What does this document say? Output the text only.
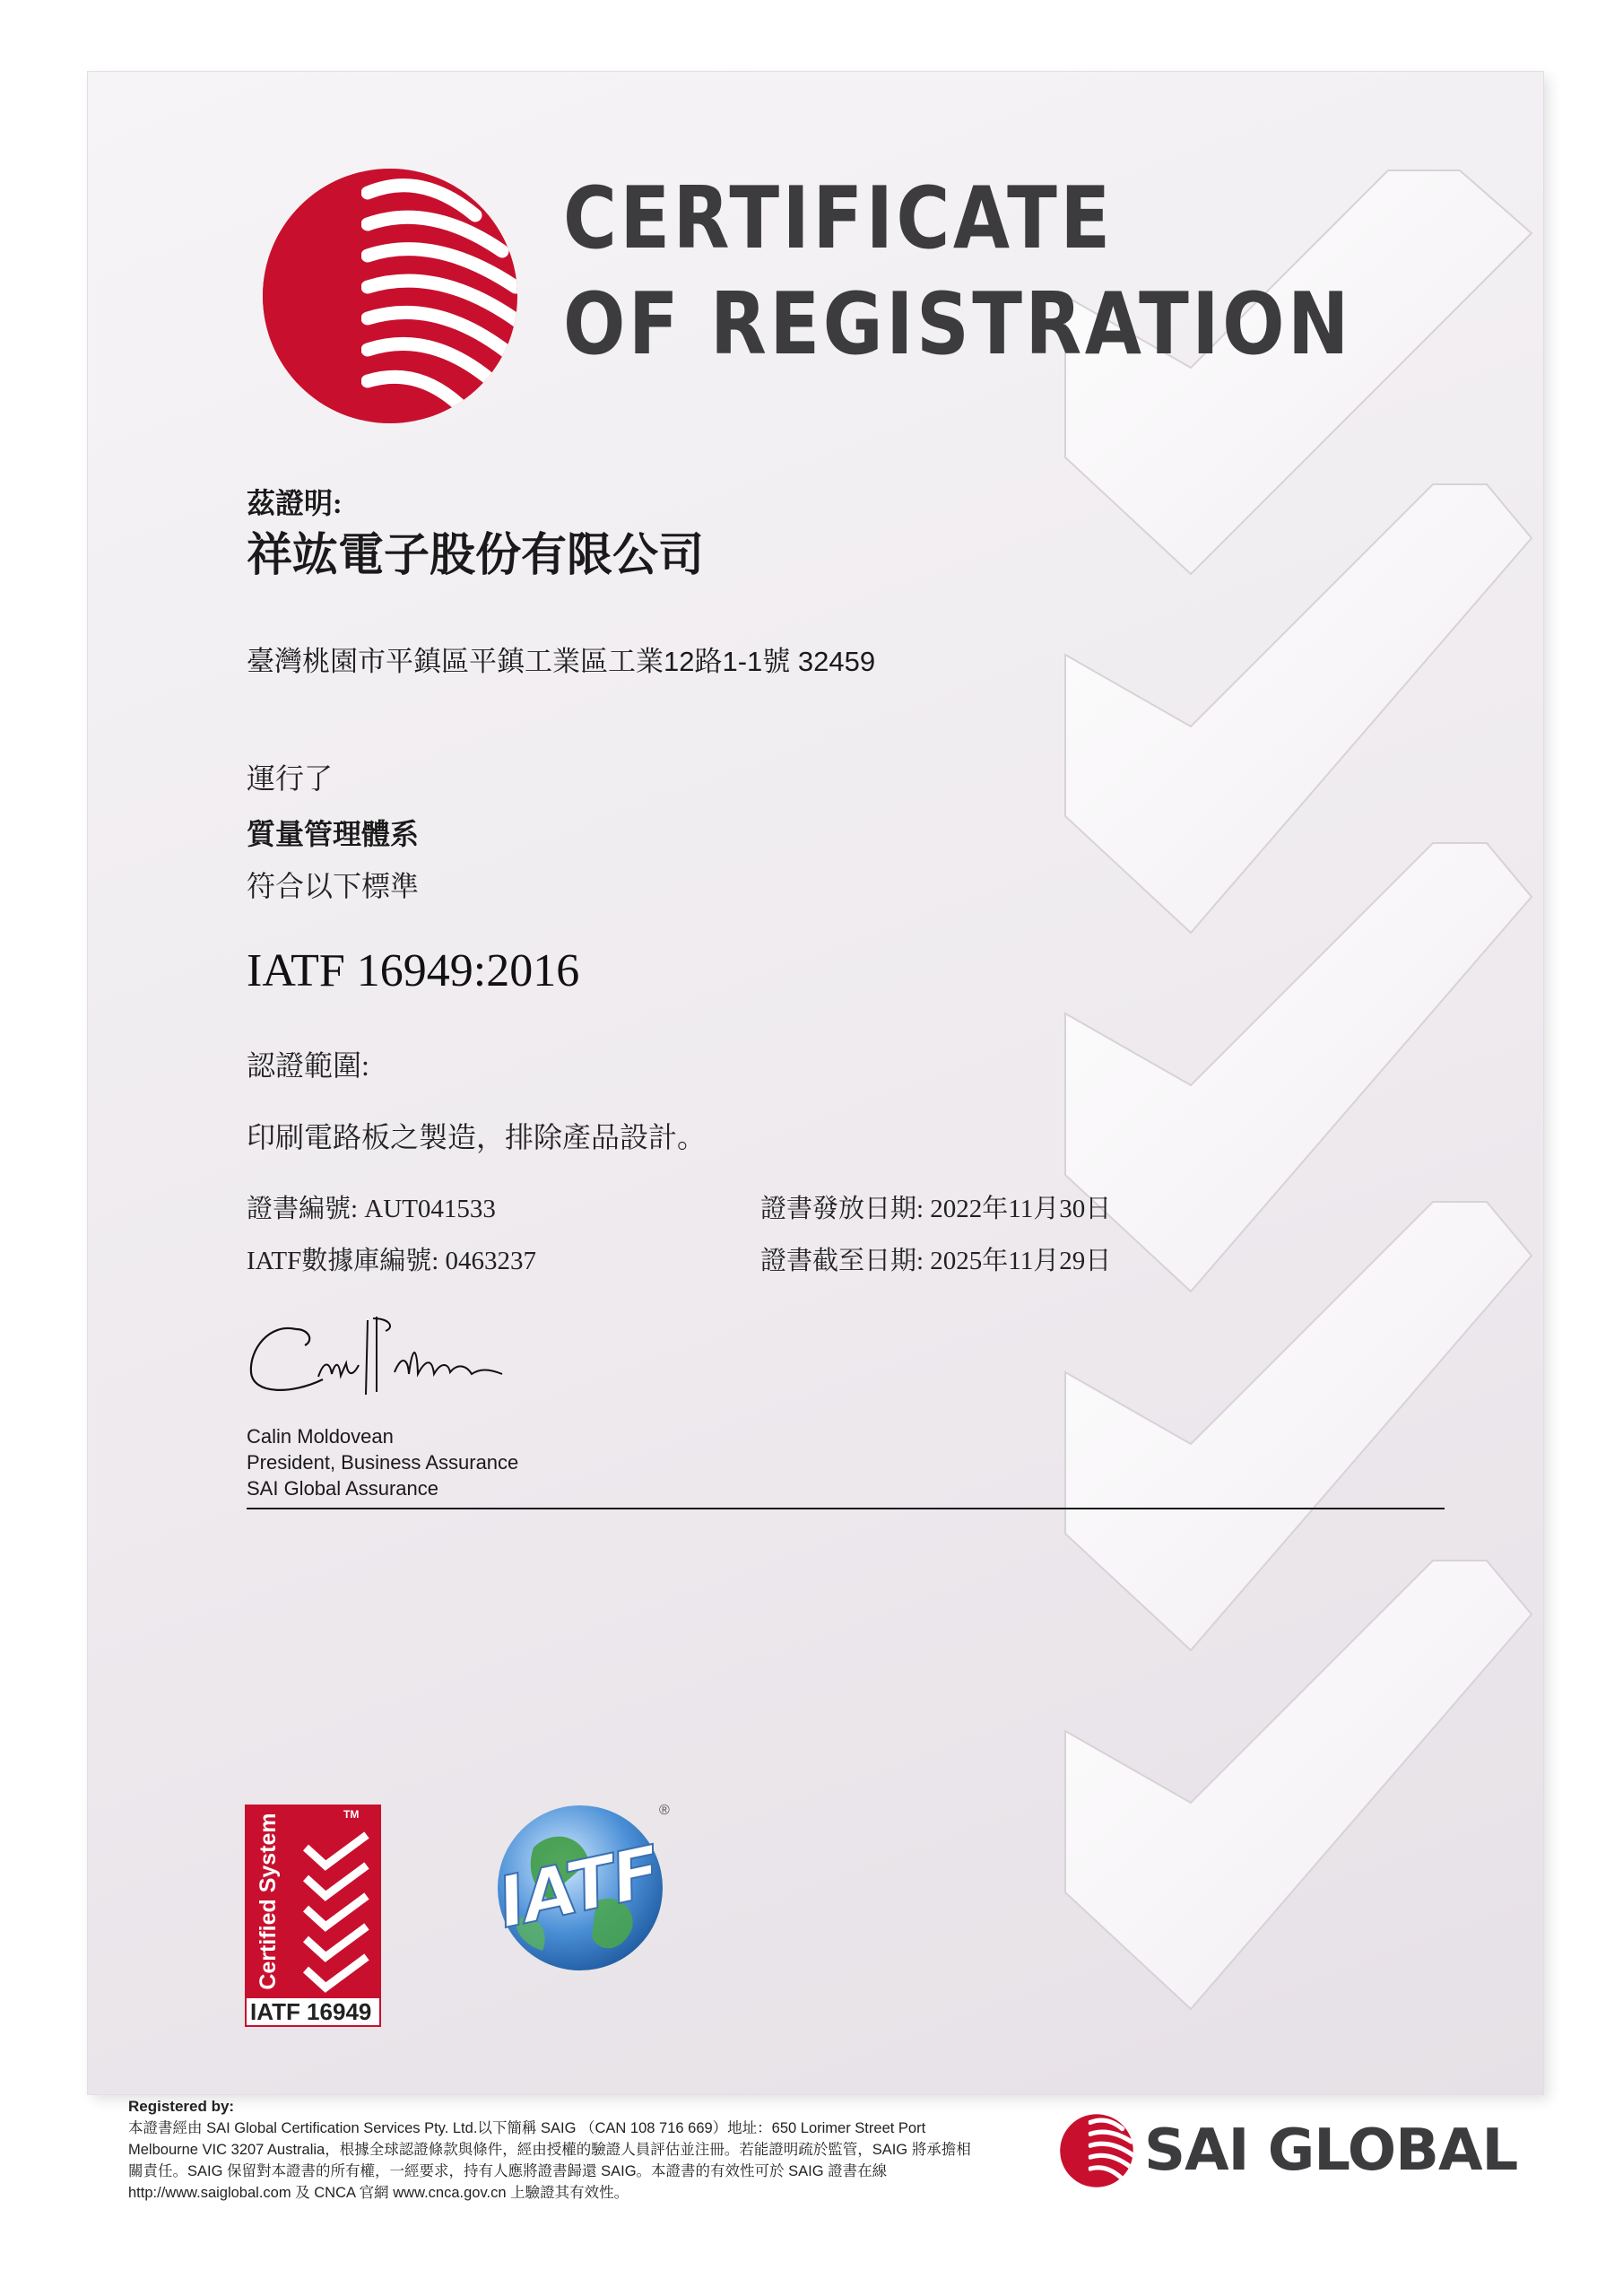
CERTIFICATE
OF REGISTRATION
茲證明:
祥竑電子股份有限公司
臺灣桃園市平鎮區平鎮工業區工業12路1-1號 32459
運行了
質量管理體系
符合以下標準
IATF 16949:2016
認證範圍:
印刷電路板之製造，排除產品設計。
證書編號: AUT041533
IATF數據庫編號: 0463237
證書發放日期: 2022年11月30日
證書截至日期: 2025年11月29日
Calin Moldovean
President, Business Assurance
SAI Global Assurance
Certified System	TM
IATF 16949
IATF
®
Registered by:
本證書經由 SAI Global Certification Services Pty. Ltd.以下簡稱 SAIG （CAN 108 716 669）地址：650 Lorimer Street Port
Melbourne VIC 3207 Australia，根據全球認證條款與條件，經由授權的驗證人員評估並注冊。若能證明疏於監管，SAIG 將承擔相
關責任。SAIG 保留對本證書的所有權，一經要求，持有人應將證書歸還 SAIG。本證書的有效性可於 SAIG 證書在線
http://www.saiglobal.com 及 CNCA 官網 www.cnca.gov.cn 上驗證其有效性。
SAI GLOBAL
